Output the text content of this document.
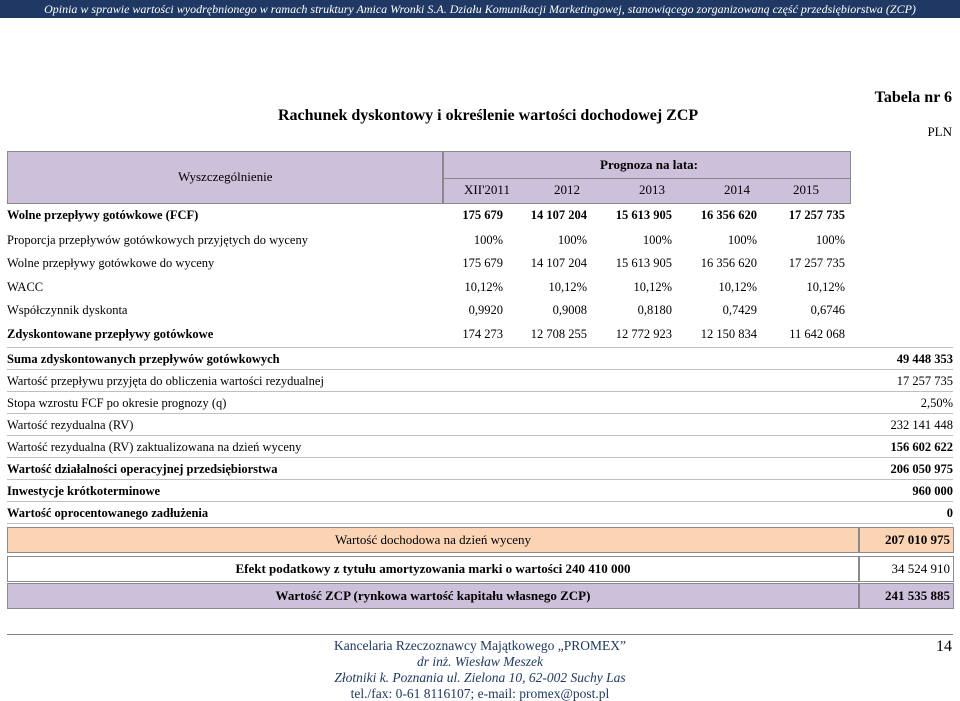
Opinia w sprawie wartości wyodrębnionego w ramach struktury Amica Wronki S.A. Działu Komunikacji Marketingowej, stanowiącego zorganizowaną część przedsiębiorstwa (ZCP)
Rachunek dyskontowy i określenie wartości dochodowej ZCP
Tabela nr 6
PLN
Wyszczególnienie
Prognoza na lata:
XII'2011	2012	2013	2014	2015
Wolne przepływy gotówkowe (FCF)	175 679	14 107 204	15 613 905	16 356 620	17 257 735
Proporcja przepływów gotówkowych przyjętych do wyceny	100%	100%	100%	100%	100%
Wolne przepływy gotówkowe do wyceny	175 679	14 107 204	15 613 905	16 356 620	17 257 735
WACC	10,12%	10,12%	10,12%	10,12%	10,12%
Współczynnik dyskonta	0,9920	0,9008	0,8180	0,7429	0,6746
Zdyskontowane przepływy gotówkowe	174 273	12 708 255	12 772 923	12 150 834	11 642 068
Suma zdyskontowanych przepływów gotówkowych	49 448 353
Wartość przepływu przyjęta do obliczenia wartości rezydualnej	17 257 735
Stopa wzrostu FCF po okresie prognozy (q)	2,50%
Wartość rezydualna (RV)	232 141 448
Wartość rezydualna (RV) zaktualizowana na dzień wyceny	156 602 622
Wartość działalności operacyjnej przedsiębiorstwa	206 050 975
Inwestycje krótkoterminowe	960 000
Wartość oprocentowanego zadłużenia	0
Wartość dochodowa na dzień wyceny	207 010 975
Efekt podatkowy z tytułu amortyzowania marki o wartości 240 410 000	34 524 910
Wartość ZCP (rynkowa wartość kapitału własnego ZCP)	241 535 885
Kancelaria Rzeczoznawcy Majątkowego „PROMEX”
dr inż. Wiesław Meszek
Złotniki k. Poznania ul. Zielona 10, 62-002 Suchy Las
tel./fax: 0-61 8116107; e-mail: promex@post.pl
14
